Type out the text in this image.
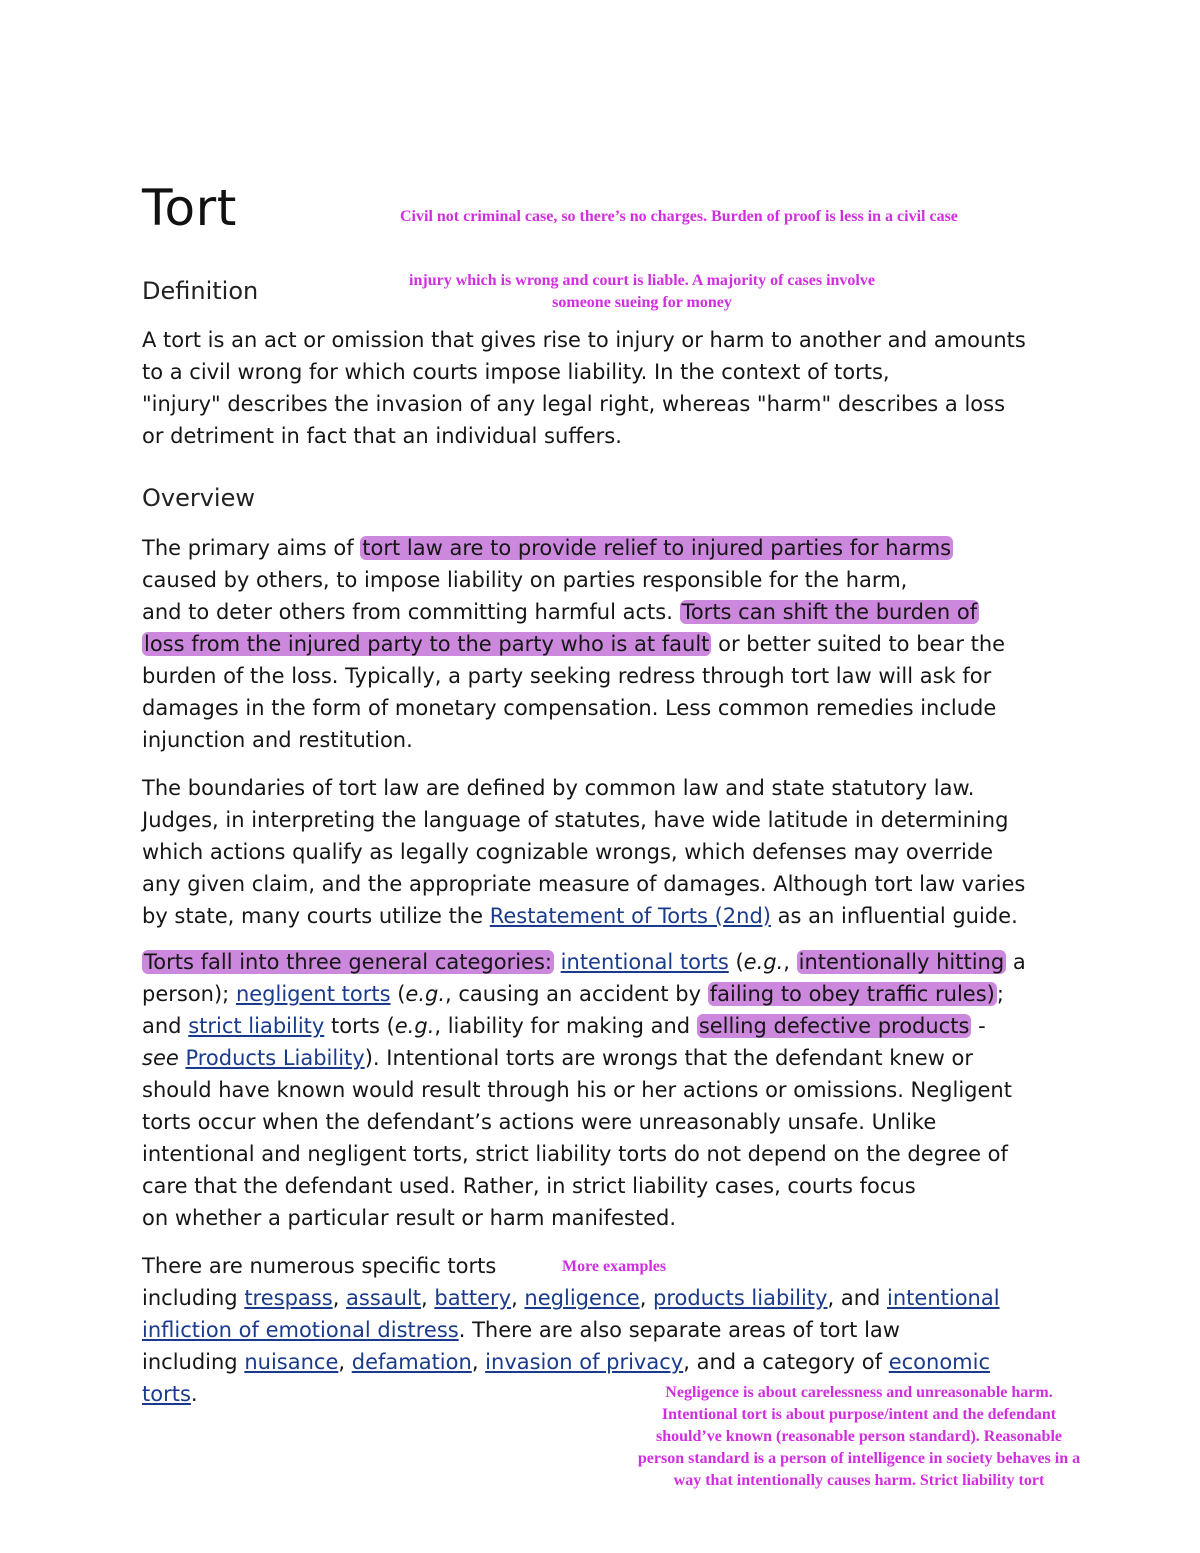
Tort	Civil not criminal case, so there’s no charges. Burden of proof is less in a civil case
Definition	injury which is wrong and court is liable. A majority of cases involve
someone sueing for money
A tort is an act or omission that gives rise to injury or harm to another and amounts
to a civil wrong for which courts impose liability. In the context of torts,
"injury" describes the invasion of any legal right, whereas "harm" describes a loss
or detriment in fact that an individual suffers.
Overview
The primary aims of tort law are to provide relief to injured parties for harms
caused by others, to impose liability on parties responsible for the harm,
and to deter others from committing harmful acts. Torts can shift the burden of
loss from the injured party to the party who is at fault or better suited to bear the
burden of the loss. Typically, a party seeking redress through tort law will ask for
damages in the form of monetary compensation. Less common remedies include
injunction and restitution.
The boundaries of tort law are defined by common law and state statutory law.
Judges, in interpreting the language of statutes, have wide latitude in determining
which actions qualify as legally cognizable wrongs, which defenses may override
any given claim, and the appropriate measure of damages. Although tort law varies
by state, many courts utilize the Restatement of Torts (2nd) as an influential guide.
Torts fall into three general categories: intentional torts (e.g., intentionally hitting a
person); negligent torts (e.g., causing an accident by failing to obey traffic rules);
and strict liability torts (e.g., liability for making and selling defective products -
see Products Liability). Intentional torts are wrongs that the defendant knew or
should have known would result through his or her actions or omissions. Negligent
torts occur when the defendant’s actions were unreasonably unsafe. Unlike
intentional and negligent torts, strict liability torts do not depend on the degree of
care that the defendant used. Rather, in strict liability cases, courts focus
on whether a particular result or harm manifested.
More examples
There are numerous specific torts
including trespass, assault, battery, negligence, products liability, and intentional
infliction of emotional distress. There are also separate areas of tort law
including nuisance, defamation, invasion of privacy, and a category of economic
torts.	Negligence is about carelessness and unreasonable harm.
Intentional tort is about purpose/intent and the defendant
should’ve known (reasonable person standard). Reasonable
person standard is a person of intelligence in society behaves in a
way that intentionally causes harm. Strict liability tort
